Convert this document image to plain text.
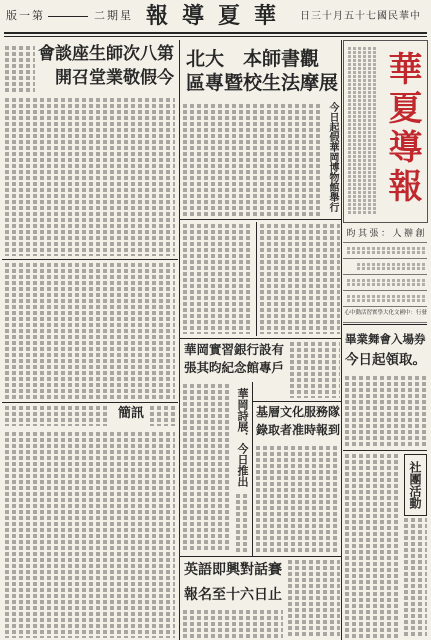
版一第	二期星 報導夏華 日三十月五十七國民華中
華夏導報
昀其張：人辦創
心中動活習實學大化文國中：行發
畢業舞會入場券
今日起領取。
社團活動
會談座生師次八第
開召堂業敬假今
簡訊
北大 本師書觀
區專暨校生法摩展
今日起假華岡博物館舉行
華岡實習銀行設有
張其昀紀念館專戶
華岡詩展．今日推出 基層文化服務隊
錄取者准時報到
英語即興對話賽
報名至十六日止
